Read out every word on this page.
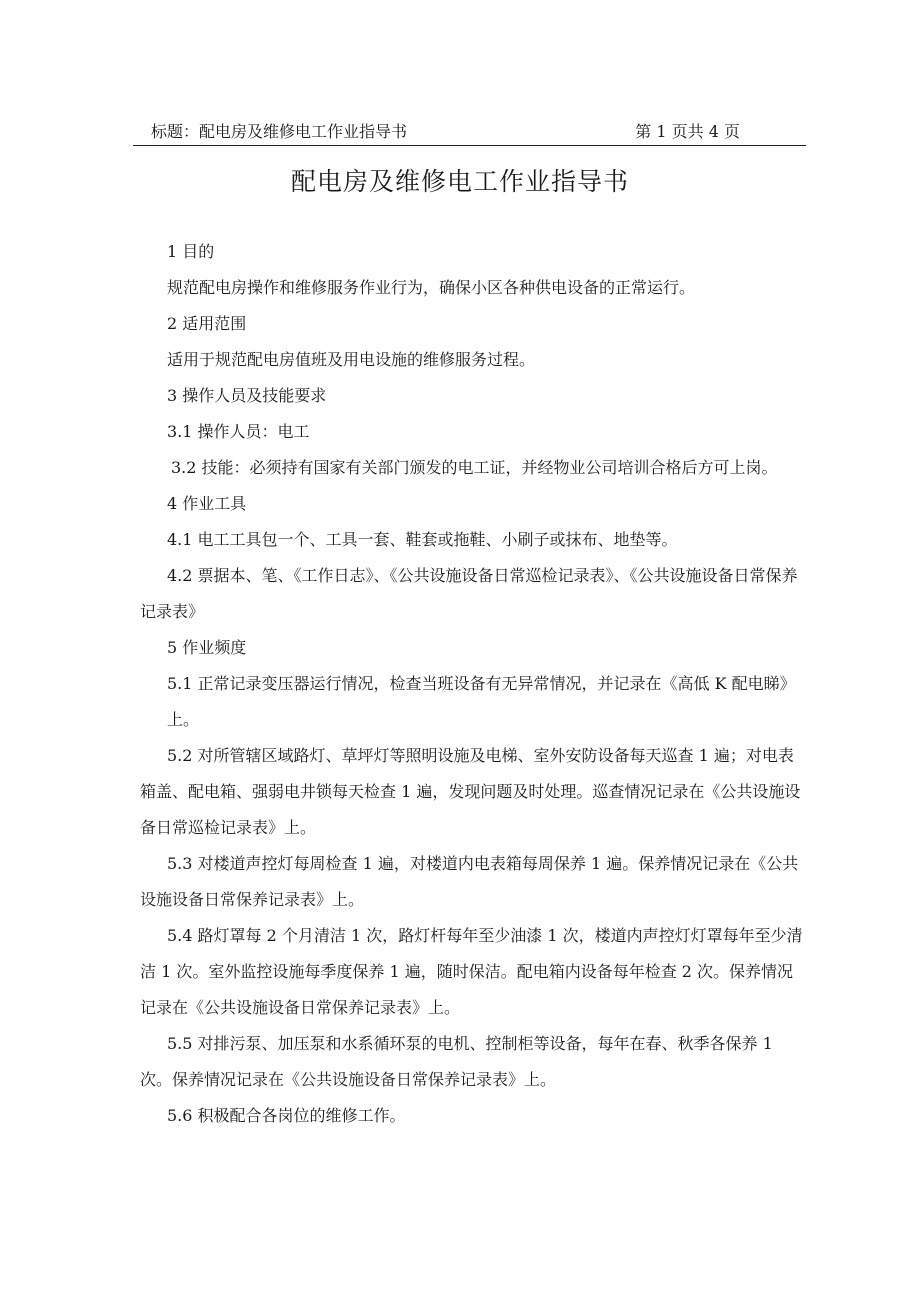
标题：配电房及维修电工作业指导书	第 1 页共 4 页
配电房及维修电工作业指导书

1 目的

规范配电房操作和维修服务作业行为，确保小区各种供电设备的正常运行。

2 适用范围

适用于规范配电房值班及用电设施的维修服务过程。

3 操作人员及技能要求

3.1 操作人员：电工

3.2 技能：必须持有国家有关部门颁发的电工证，并经物业公司培训合格后方可上岗。

4 作业工具

4.1 电工工具包一个、工具一套、鞋套或拖鞋、小刷子或抹布、地垫等。

4.2 票据本、笔、《工作日志》、《公共设施设备日常巡检记录表》、《公共设施设备日常保养记录表》

5 作业频度

5.1 正常记录变压器运行情况，检查当班设备有无异常情况，并记录在《高低 K 配电睇》上。

5.2 对所管辖区域路灯、草坪灯等照明设施及电梯、室外安防设备每天巡查 1 遍；对电表箱盖、配电箱、强弱电井锁每天检查 1 遍，发现问题及时处理。巡查情况记录在《公共设施设备日常巡检记录表》上。

5.3 对楼道声控灯每周检查 1 遍，对楼道内电表箱每周保养 1 遍。保养情况记录在《公共设施设备日常保养记录表》上。

5.4 路灯罩每 2 个月清洁 1 次，路灯杆每年至少油漆 1 次，楼道内声控灯灯罩每年至少清洁 1 次。室外监控设施每季度保养 1 遍，随时保洁。配电箱内设备每年检查 2 次。保养情况记录在《公共设施设备日常保养记录表》上。

5.5 对排污泵、加压泵和水系循环泵的电机、控制柜等设备，每年在春、秋季各保养 1 次。保养情况记录在《公共设施设备日常保养记录表》上。

5.6 积极配合各岗位的维修工作。
